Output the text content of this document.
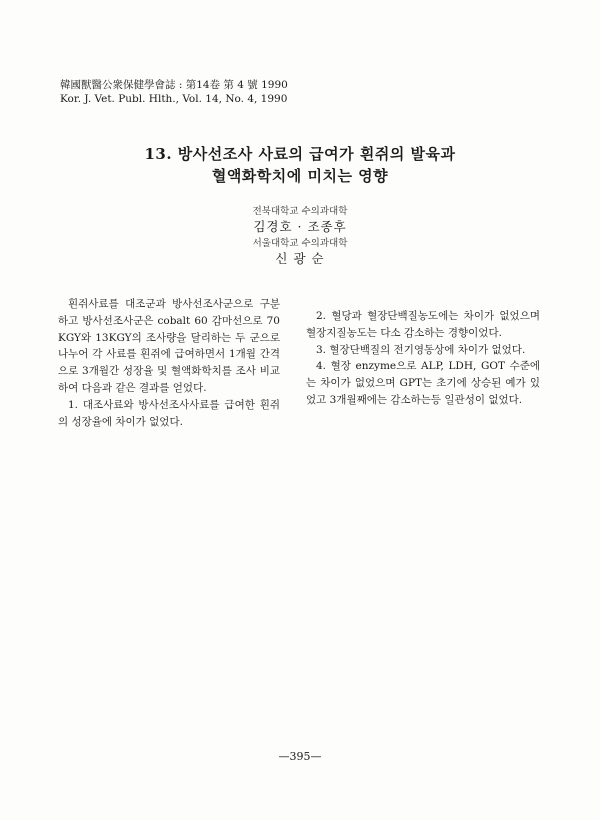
韓國獸醫公衆保健學會誌 : 第14卷 第 4 號 1990
Kor. J. Vet. Publ. Hlth., Vol. 14, No. 4, 1990
13. 방사선조사 사료의 급여가 흰쥐의 발육과
혈액화학치에 미치는 영향
전북대학교 수의과대학
김경호 · 조종후
서울대학교 수의과대학
신 광 순

흰쥐사료를 대조군과 방사선조사군으로 구분하고 방사선조사군은 cobalt 60 감마선으로 70 KGY와 13KGY의 조사량을 달리하는 두 군으로 나누어 각 사료를 흰쥐에 급여하면서 1개월 간격으로 3개월간 성장율 및 혈액화학치를 조사 비교하여 다음과 같은 결과를 얻었다.

1. 대조사료와 방사선조사사료를 급여한 흰쥐의 성장율에 차이가 없었다.

2. 혈당과 혈장단백질농도에는 차이가 없었으며 혈장지질농도는 다소 감소하는 경향이었다.

3. 혈장단백질의 전기영동상에 차이가 없었다.

4. 혈장 enzyme으로 ALP, LDH, GOT 수준에는 차이가 없었으며 GPT는 초기에 상승된 예가 있었고 3개월째에는 감소하는등 일관성이 없었다.

—395—
